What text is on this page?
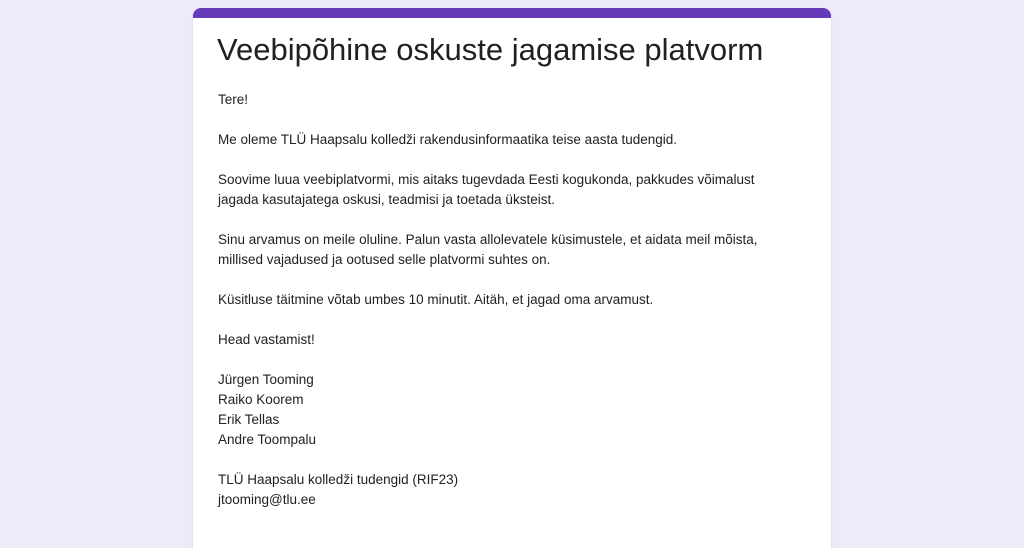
Veebipõhine oskuste jagamise platvorm

Tere!

Me oleme TLÜ Haapsalu kolledži rakendusinformaatika teise aasta tudengid.

Soovime luua veebiplatvormi, mis aitaks tugevdada Eesti kogukonda, pakkudes võimalust
jagada kasutajatega oskusi, teadmisi ja toetada üksteist.

Sinu arvamus on meile oluline. Palun vasta allolevatele küsimustele, et aidata meil mõista,
millised vajadused ja ootused selle platvormi suhtes on.

Küsitluse täitmine võtab umbes 10 minutit. Aitäh, et jagad oma arvamust.

Head vastamist!

Jürgen Tooming
Raiko Koorem
Erik Tellas
Andre Toompalu

TLÜ Haapsalu kolledži tudengid (RIF23)
jtooming@tlu.ee
